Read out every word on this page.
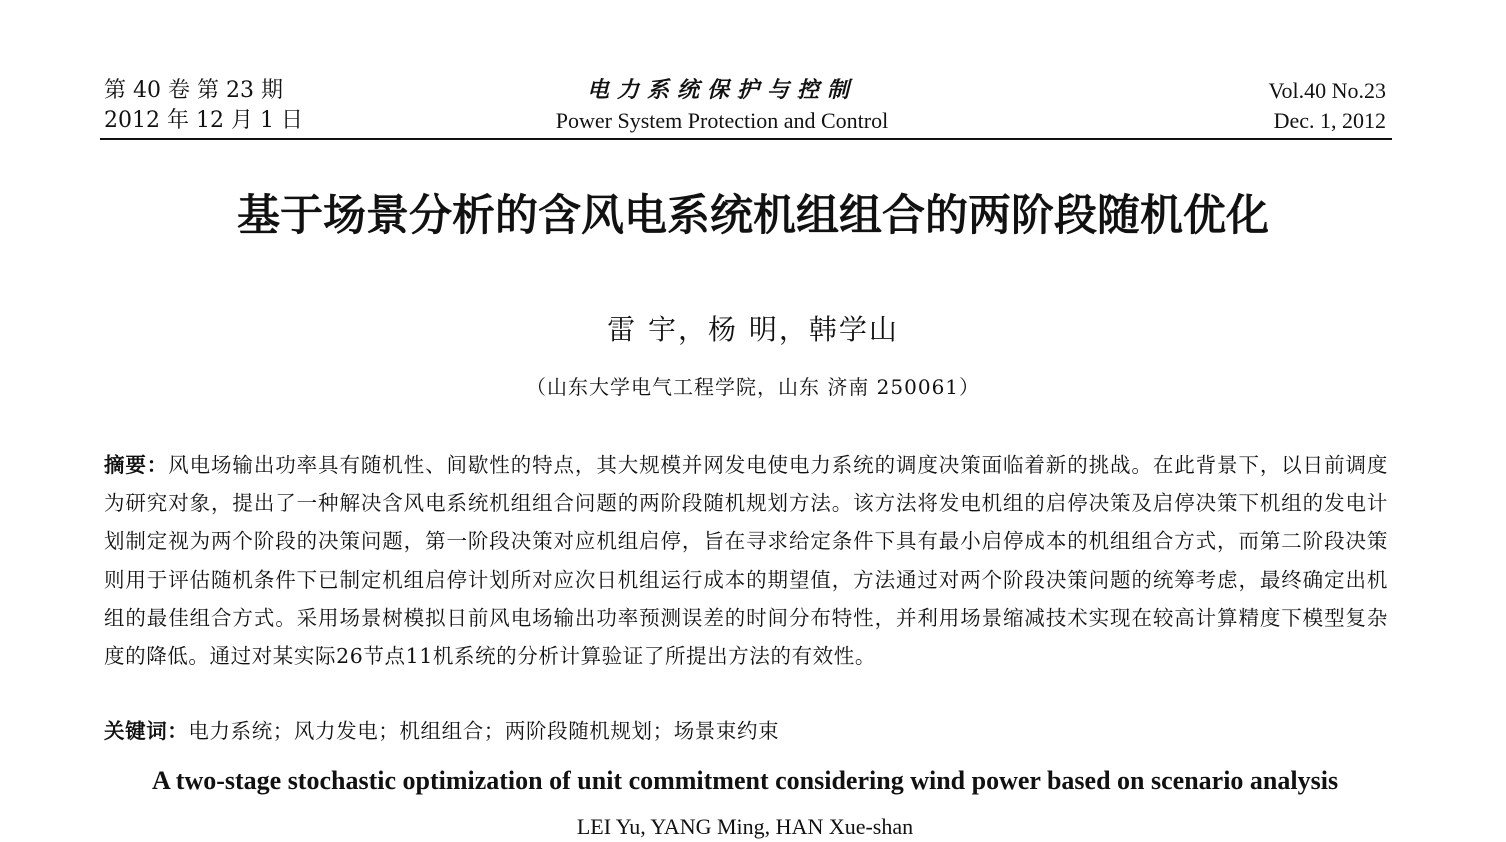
第 40 卷 第 23 期
2012 年 12 月 1 日
电力系统保护与控制
Power System Protection and Control
Vol.40 No.23
Dec. 1, 2012
基于场景分析的含风电系统机组组合的两阶段随机优化
雷 宇，杨 明，韩学山
（山东大学电气工程学院，山东 济南 250061）
摘要：风电场输出功率具有随机性、间歇性的特点，其大规模并网发电使电力系统的调度决策面临着新的挑战。在此背景下，以日前调度为研究对象，提出了一种解决含风电系统机组组合问题的两阶段随机规划方法。该方法将发电机组的启停决策及启停决策下机组的发电计划制定视为两个阶段的决策问题，第一阶段决策对应机组启停，旨在寻求给定条件下具有最小启停成本的机组组合方式，而第二阶段决策则用于评估随机条件下已制定机组启停计划所对应次日机组运行成本的期望值，方法通过对两个阶段决策问题的统筹考虑，最终确定出机组的最佳组合方式。采用场景树模拟日前风电场输出功率预测误差的时间分布特性，并利用场景缩减技术实现在较高计算精度下模型复杂度的降低。通过对某实际26节点11机系统的分析计算验证了所提出方法的有效性。
关键词：电力系统；风力发电；机组组合；两阶段随机规划；场景束约束
A two-stage stochastic optimization of unit commitment considering wind power based on scenario analysis
LEI Yu, YANG Ming, HAN Xue-shan
